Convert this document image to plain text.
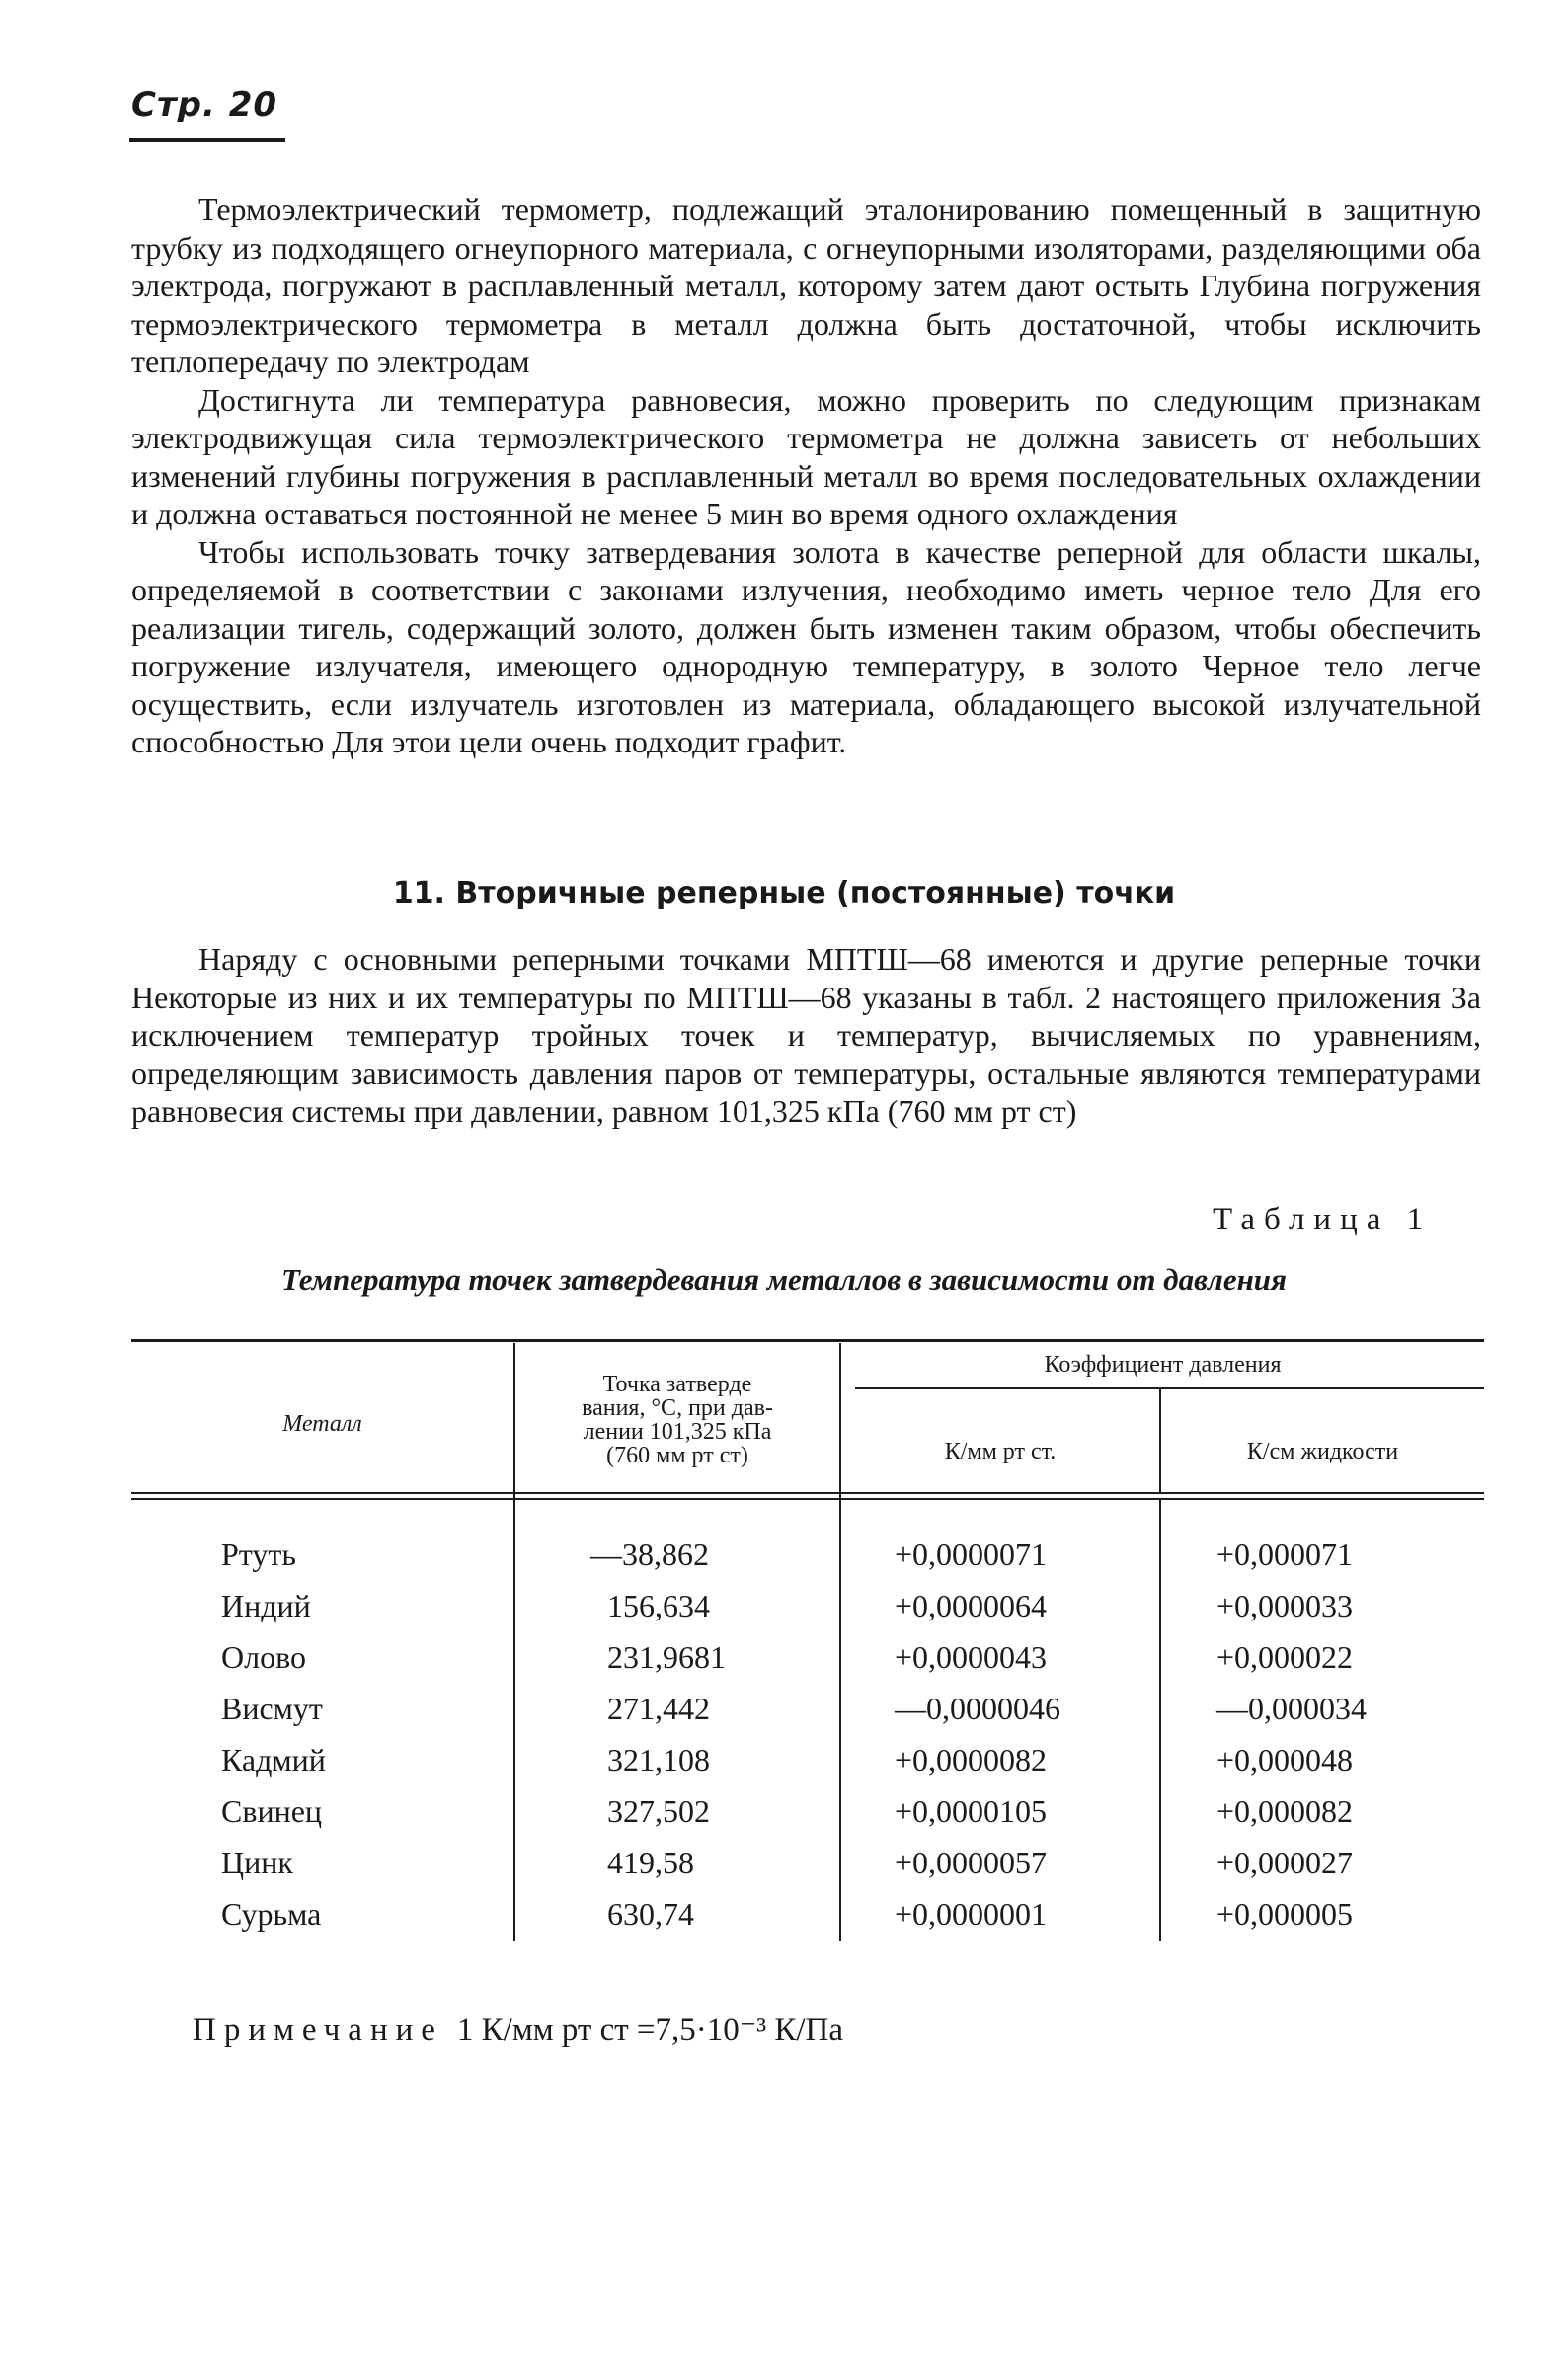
Стр. 20

Термоэлектрический термометр, подлежащий эталонированию помещенный в защитную трубку из подходящего огнеупорного материала, с огнеупорными изоляторами, разделяющими оба электрода, погружают в расплавленный металл, которому затем дают остыть Глубина погружения термоэлектрического термометра в металл должна быть достаточной, чтобы исключить теплопередачу по электродам

Достигнута ли температура равновесия, можно проверить по следующим признакам электродвижущая сила термоэлектрического термометра не должна зависеть от небольших изменений глубины погружения в расплавленный металл во время последовательных охлаждении и должна оставаться постоянной не менее 5 мин во время одного охлаждения

Чтобы использовать точку затвердевания золота в качестве реперной для области шкалы, определяемой в соответствии с законами излучения, необходимо иметь черное тело Для его реализации тигель, содержащий золото, должен быть изменен таким образом, чтобы обеспечить погружение излучателя, имеющего однородную температуру, в золото Черное тело легче осуществить, если излучатель изготовлен из материала, обладающего высокой излучательной способностью Для этои цели очень подходит графит.

11. Вторичные реперные (постоянные) точки

Наряду с основными реперными точками МПТШ—68 имеются и другие реперные точки Некоторые из них и их температуры по МПТШ—68 указаны в табл. 2 настоящего приложения За исключением температур тройных точек и температур, вычисляемых по уравнениям, определяющим зависимость давления паров от температуры, остальные являются температурами равновесия системы при давлении, равном 101,325 кПа (760 мм рт ст)

Таблица 1
Температура точек затвердевания металлов в зависимости от давления
Металл
Точка затверде
вания, °С, при дав-
лении 101,325 кПа
(760 мм рт ст)
Коэффициент давления
К/мм рт ст.	К/см жидкости
Ртуть	—38,862	+0,0000071	+0,000071
Индий	156,634	+0,0000064	+0,000033
Олово	231,9681	+0,0000043	+0,000022
Висмут	271,442	—0,0000046	—0,000034
Кадмий	321,108	+0,0000082	+0,000048
Свинец	327,502	+0,0000105	+0,000082
Цинк	419,58	+0,0000057	+0,000027
Сурьма	630,74	+0,0000001	+0,000005
Примечание 1 К/мм рт ст =7,5·10⁻³ К/Па
